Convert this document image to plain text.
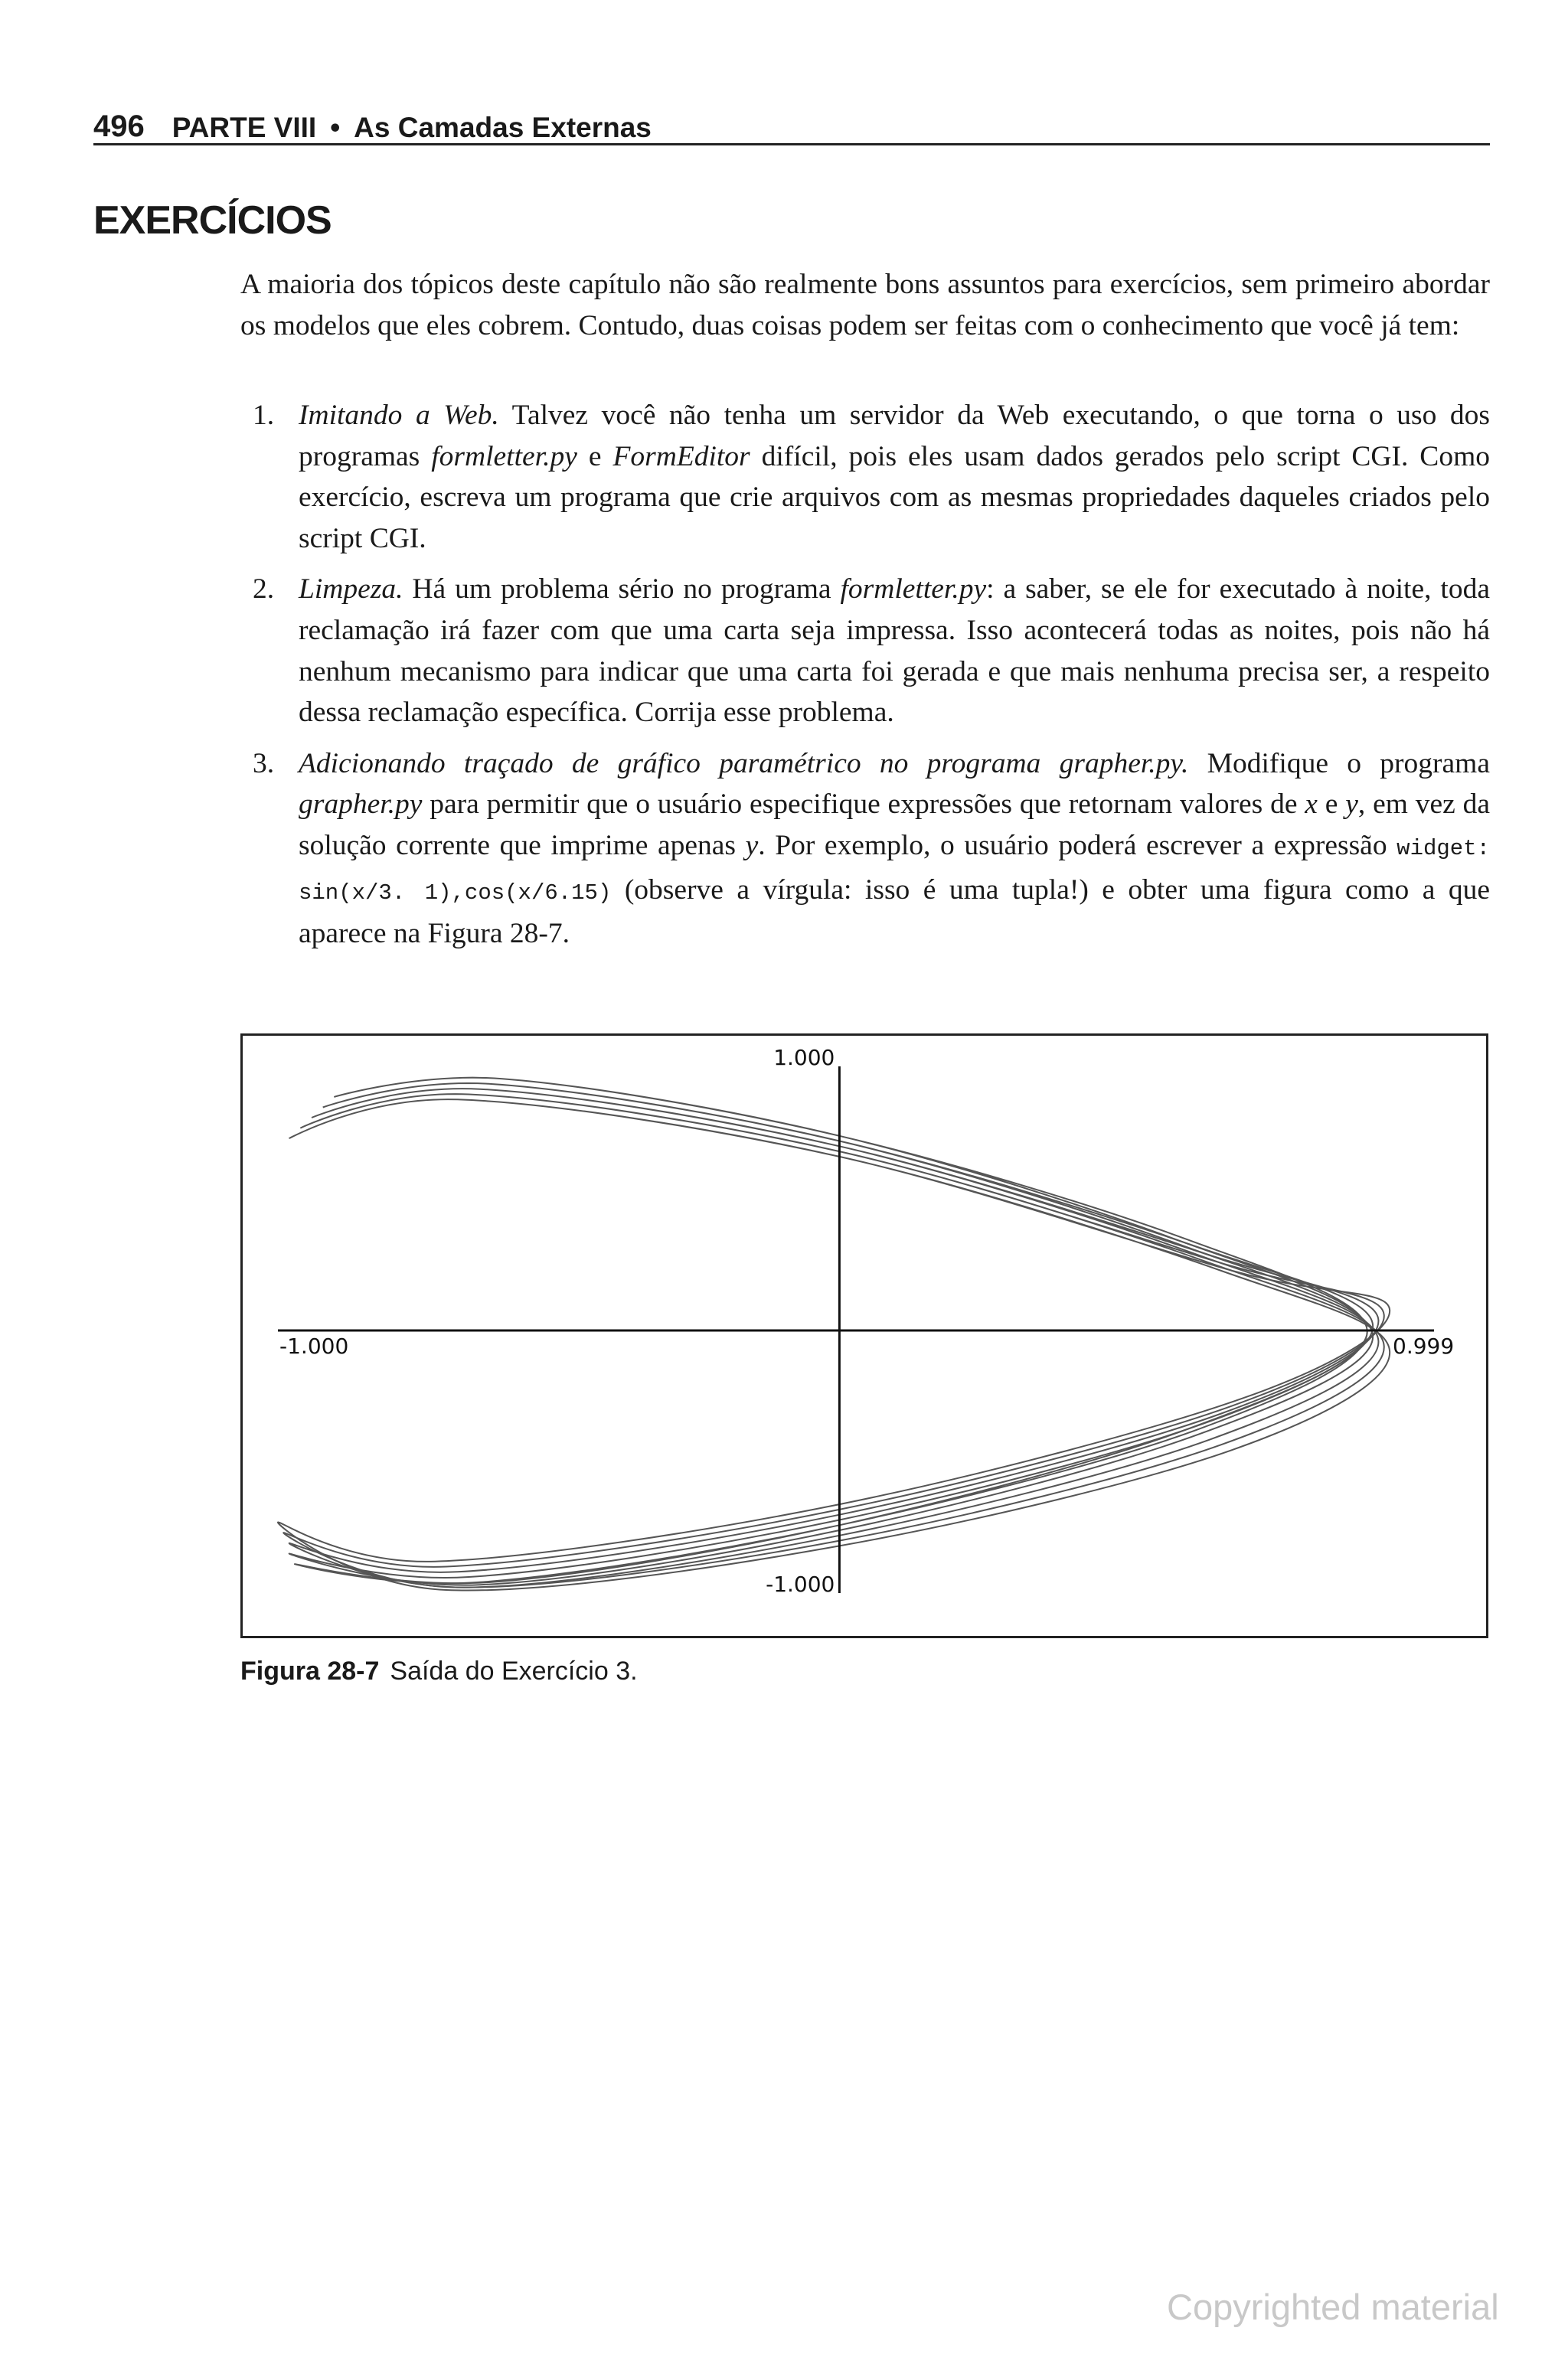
496 PARTE VIII • As Camadas Externas
EXERCÍCIOS

A maioria dos tópicos deste capítulo não são realmente bons assuntos para exercícios, sem primeiro abordar os modelos que eles cobrem. Contudo, duas coisas podem ser feitas com o conhecimento que você já tem:

1. Imitando a Web. Talvez você não tenha um servidor da Web executando, o que torna o uso dos programas formletter.py e FormEditor difícil, pois eles usam dados gerados pelo script CGI. Como exercício, escreva um programa que crie arquivos com as mesmas propriedades daqueles criados pelo script CGI.
2. Limpeza. Há um problema sério no programa formletter.py: a saber, se ele for executado à noite, toda reclamação irá fazer com que uma carta seja impressa. Isso acontecerá todas as noites, pois não há nenhum mecanismo para indicar que uma carta foi gerada e que mais nenhuma precisa ser, a respeito dessa reclamação específica. Corrija esse problema.
3. Adicionando traçado de gráfico paramétrico no programa grapher.py. Modifique o programa grapher.py para permitir que o usuário especifique expressões que retornam valores de x e y, em vez da solução corrente que imprime apenas y. Por exemplo, o usuário poderá escrever a expressão widget: sin(x/3. 1),cos(x/6.15) (observe a vírgula: isso é uma tupla!) e obter uma figura como a que aparece na Figura 28-7.
-1.000	0.999
1.000
-1.000
Figura 28-7 Saída do Exercício 3.
Copyrighted material
